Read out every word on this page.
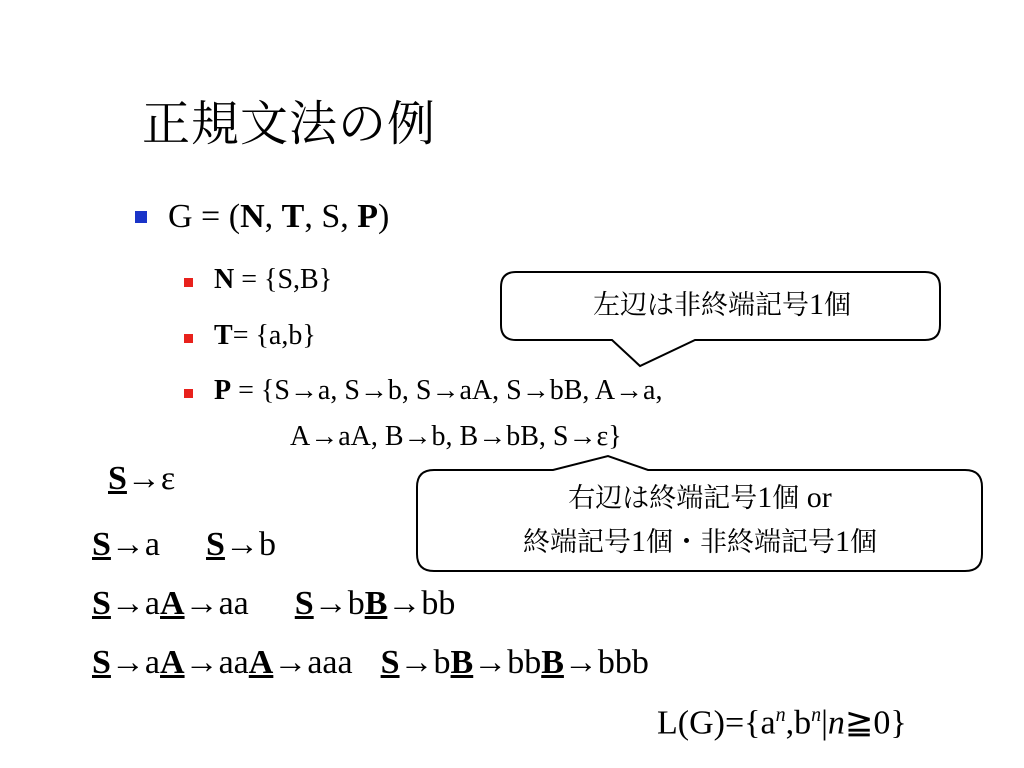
正規文法の例
G = (N, T, S, P)
N = {S,B}
T= {a,b}
P = {S→a, S→b, S→aA, S→bB, A→a,
A→aA, B→b, B→bB, S→ε}
左辺は非終端記号1個
右辺は終端記号1個 or
終端記号1個・非終端記号1個
S→ε
S→a S→b
S→aA→aa S→bB→bb
S→aA→aaA→aaa S→bB→bbB→bbb
$L(G)=\{a^n,b^n|n≧0\}$
